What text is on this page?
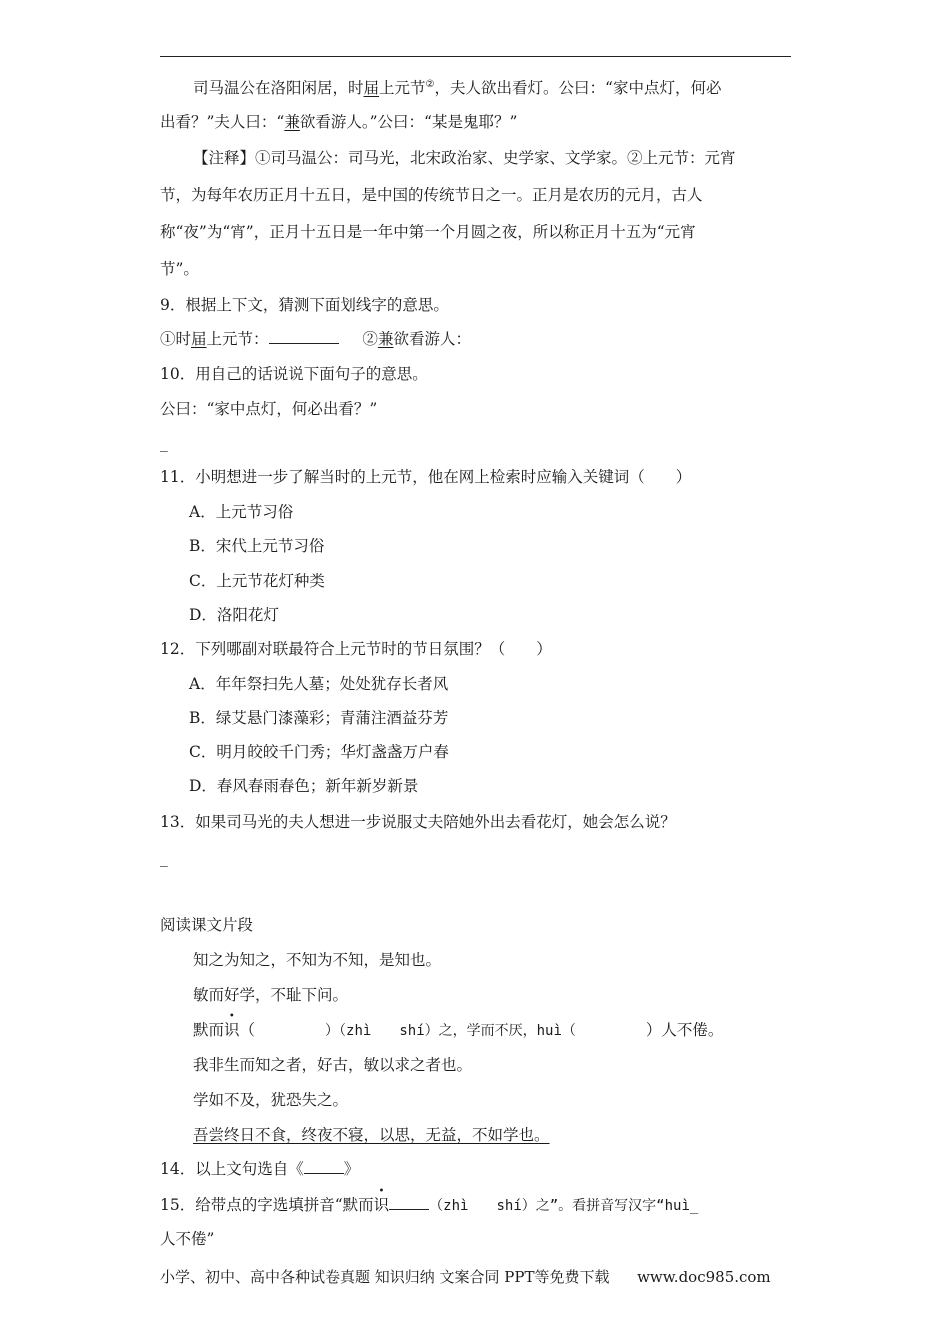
司马温公在洛阳闲居，时届上元节②，夫人欲出看灯。公曰：“家中点灯，何必
出看？”夫人曰：“兼欲看游人。”公曰：“某是鬼耶？”
【注释】①司马温公：司马光，北宋政治家、史学家、文学家。②上元节：元宵
节，为每年农历正月十五日，是中国的传统节日之一。正月是农历的元月，古人
称“夜”为“宵”，正月十五日是一年中第一个月圆之夜，所以称正月十五为“元宵
节”。
9．根据上下文，猜测下面划线字的意思。
①时届上元节：	②兼欲看游人：
10．用自己的话说说下面句子的意思。
公曰：“家中点灯，何必出看？”
_
11．小明想进一步了解当时的上元节，他在网上检索时应输入关键词（　　）
A．上元节习俗
B．宋代上元节习俗
C．上元节花灯种类
D．洛阳花灯
12．下列哪副对联最符合上元节时的节日氛围？（　　）
A．年年祭扫先人墓；处处犹存长者风
B．绿艾悬门漆藻彩；青蒲注酒益芬芳
C．明月皎皎千门秀；华灯盏盏万户春
D．春风春雨春色；新年新岁新景
13．如果司马光的夫人想进一步说服丈夫陪她外出去看花灯，她会怎么说？
_
阅读课文片段
知之为知之，不知为不知，是知也。
敏而好学，不耻下问。
默而识（	）（zhì　　shí）之，学而不厌，huì（	）人不倦。
我非生而知之者，好古，敏以求之者也。
学如不及，犹恐失之。
吾尝终日不食，终夜不寝，以思，无益，不如学也。
14．以上文句选自《	》
15．给带点的字选填拼音“默而识	（zhì　　shí）之”。看拼音写汉字“huì_
人不倦”
小学、初中、高中各种试卷真题 知识归纳 文案合同 PPT等免费下载 www.doc985.com
